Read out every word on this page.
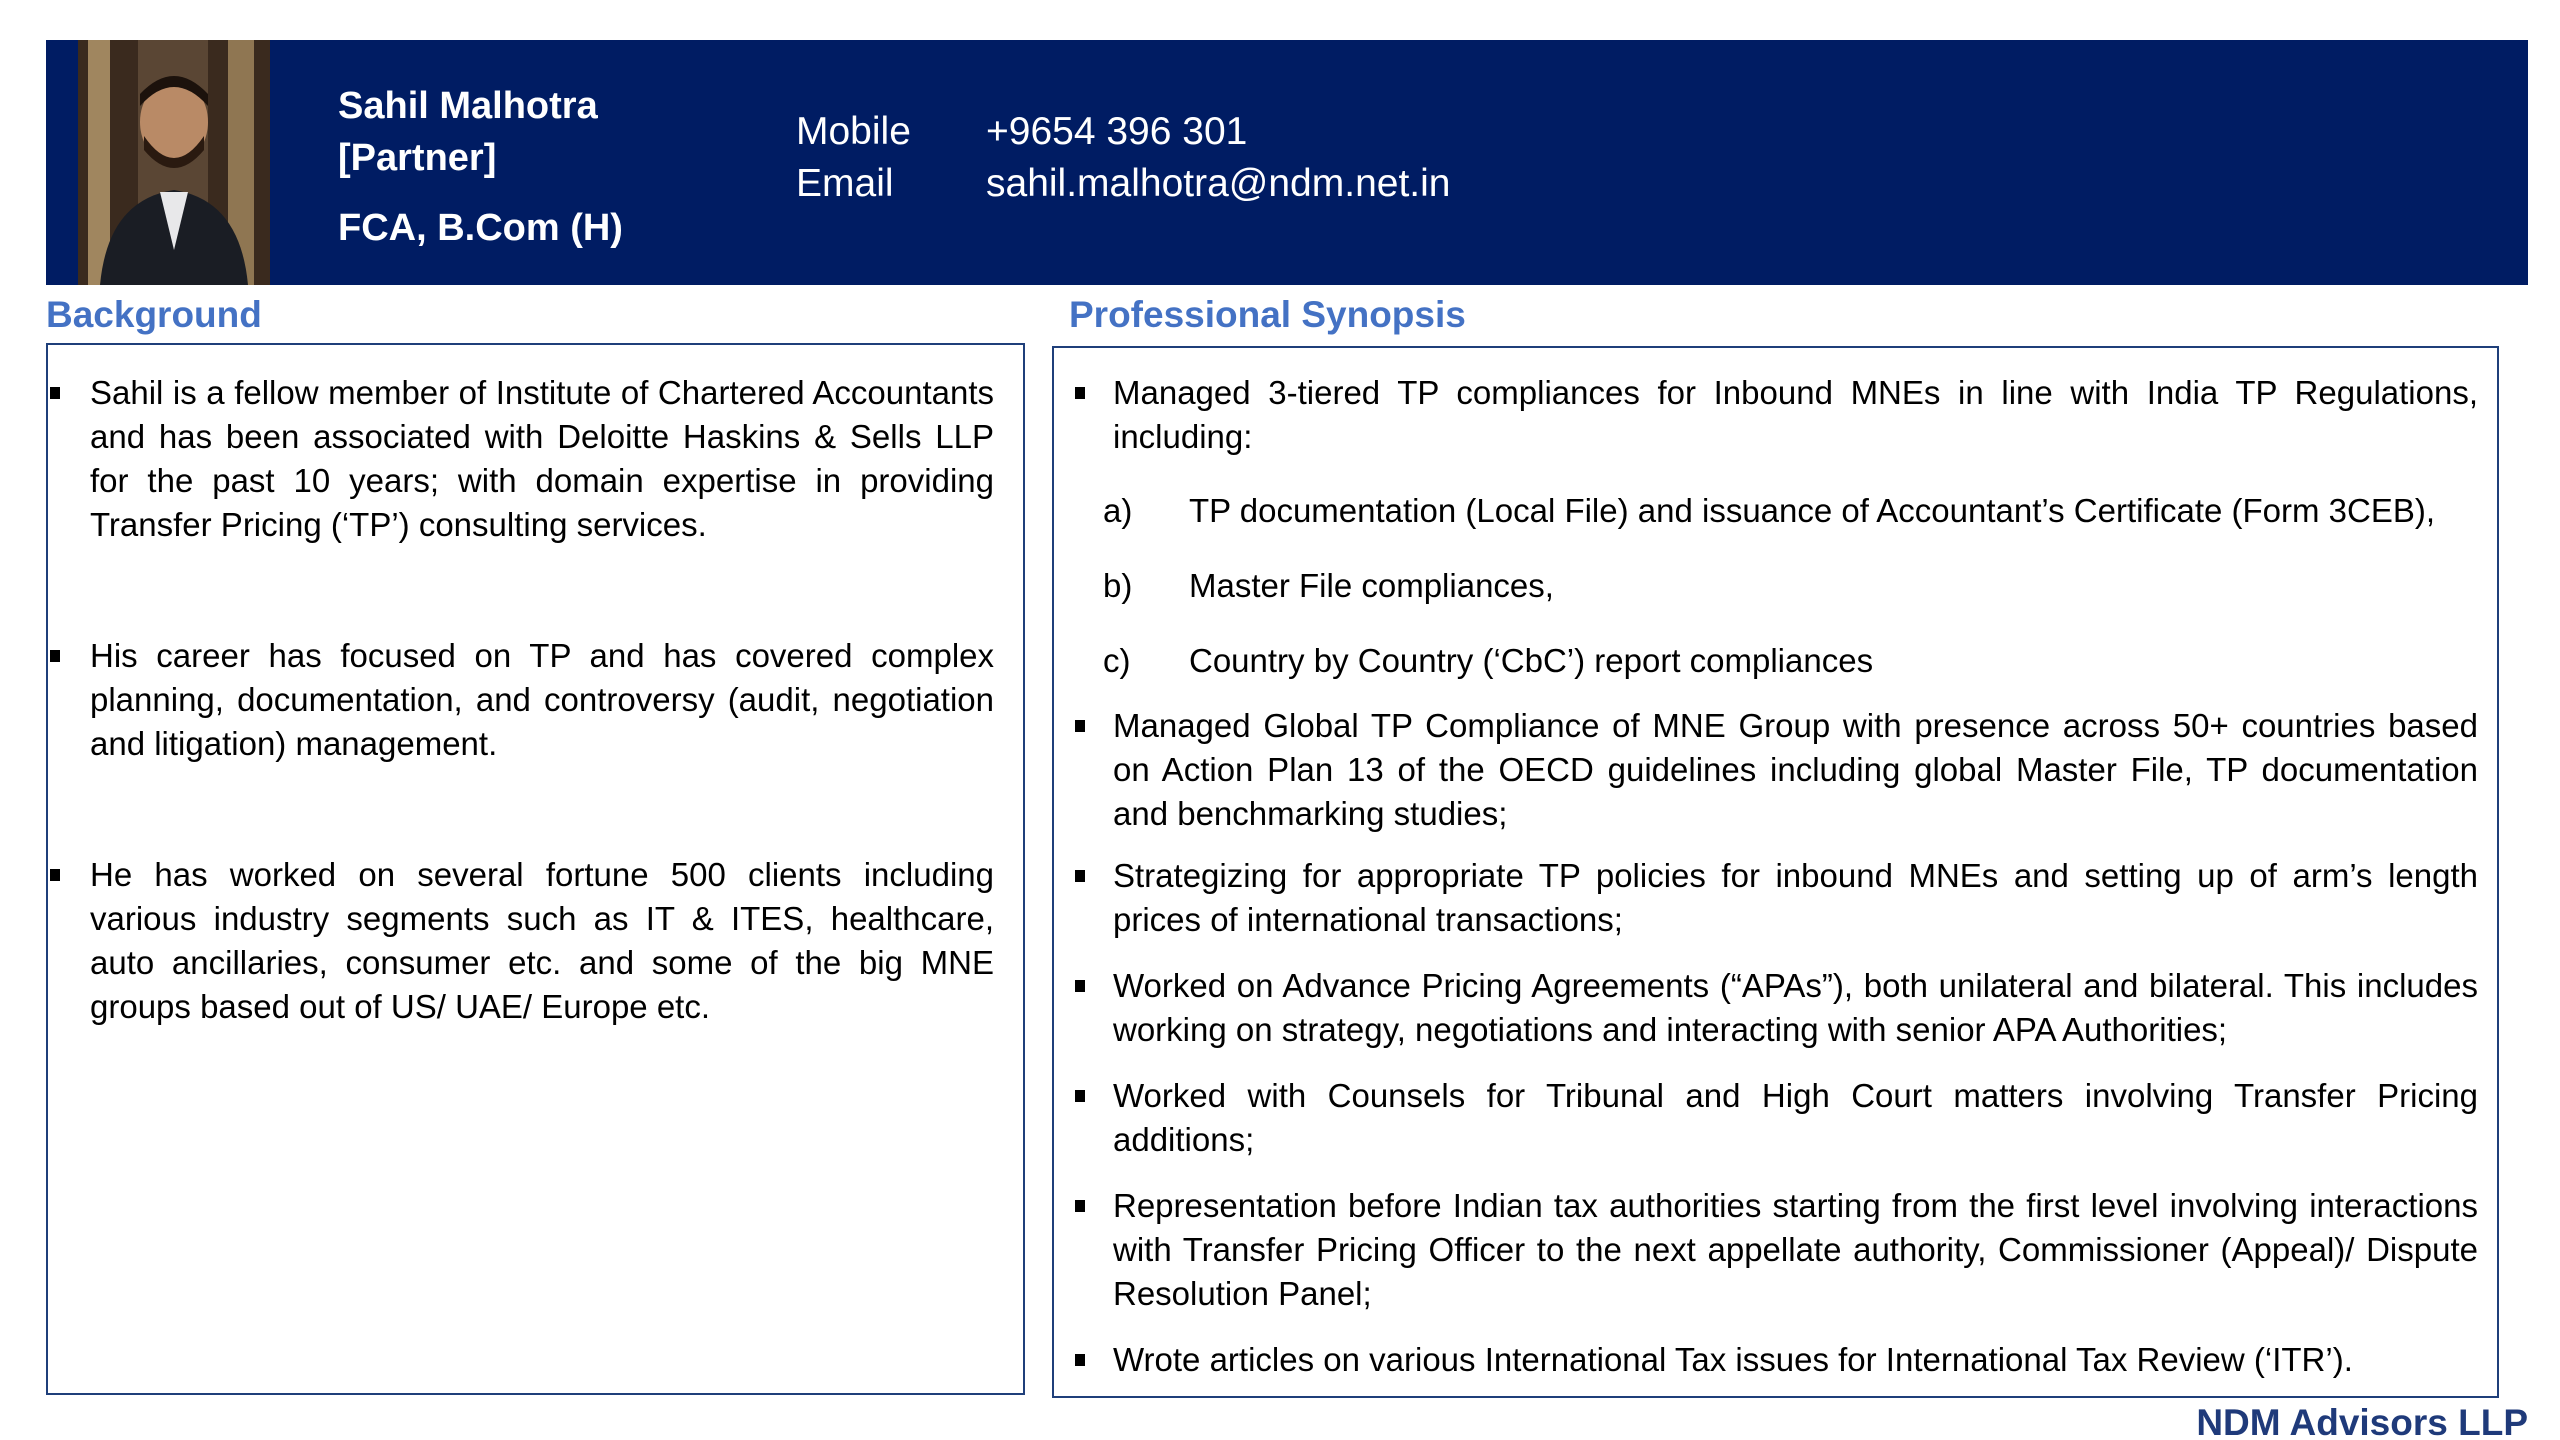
Sahil Malhotra
[Partner]
FCA, B.Com (H)
Mobile	+9654 396 301
Email	sahil.malhotra@ndm.net.in
Background	Professional Synopsis
Sahil is a fellow member of Institute of Chartered Accountants and has been associated with Deloitte Haskins & Sells LLP for the past 10 years; with domain expertise in providing Transfer Pricing (‘TP’) consulting services.
His career has focused on TP and has covered complex planning, documentation, and controversy (audit, negotiation and litigation) management.
He has worked on several fortune 500 clients including various industry segments such as IT & ITES, healthcare, auto ancillaries, consumer etc. and some of the big MNE groups based out of US/ UAE/ Europe etc.
Managed 3-tiered TP compliances for Inbound MNEs in line with India TP Regulations, including:
a)	TP documentation (Local File) and issuance of Accountant’s Certificate (Form 3CEB),
b)	Master File compliances,
c)	Country by Country (‘CbC’) report compliances
Managed Global TP Compliance of MNE Group with presence across 50+ countries based on Action Plan 13 of the OECD guidelines including global Master File, TP documentation and benchmarking studies;
Strategizing for appropriate TP policies for inbound MNEs and setting up of arm’s length prices of international transactions;
Worked on Advance Pricing Agreements (“APAs”), both unilateral and bilateral. This includes working on strategy, negotiations and interacting with senior APA Authorities;
Worked with Counsels for Tribunal and High Court matters involving Transfer Pricing additions;
Representation before Indian tax authorities starting from the first level involving interactions with Transfer Pricing Officer to the next appellate authority, Commissioner (Appeal)/ Dispute Resolution Panel;
Wrote articles on various International Tax issues for International Tax Review (‘ITR’).
NDM Advisors LLP
